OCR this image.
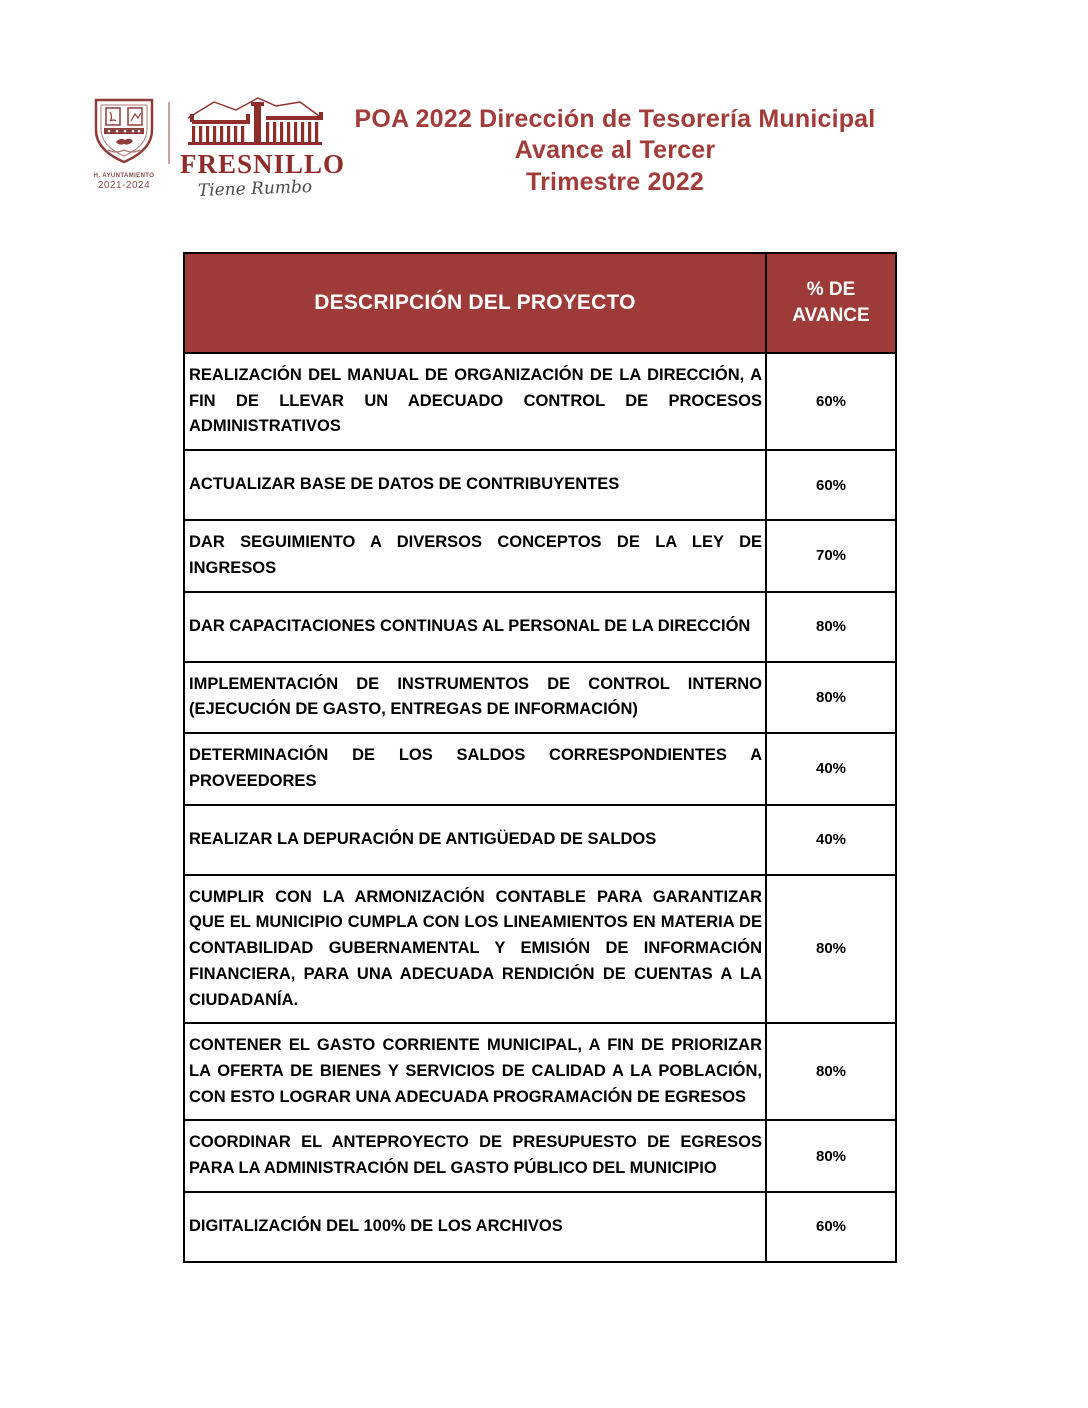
H. AYUNTAMIENTO
2021-2024
FRESNILLO
Tiene Rumbo
POA 2022 Dirección de Tesorería Municipal
Avance al Tercer
Trimestre 2022
DESCRIPCIÓN DEL PROYECTO	% DE AVANCE
REALIZACIÓN DEL MANUAL DE ORGANIZACIÓN DE LA DIRECCIÓN, A FIN DE LLEVAR UN ADECUADO CONTROL DE PROCESOS ADMINISTRATIVOS	60%
ACTUALIZAR BASE DE DATOS DE CONTRIBUYENTES	60%
DAR SEGUIMIENTO A DIVERSOS CONCEPTOS DE LA LEY DE INGRESOS	70%
DAR CAPACITACIONES CONTINUAS AL PERSONAL DE LA DIRECCIÓN	80%
IMPLEMENTACIÓN DE INSTRUMENTOS DE CONTROL INTERNO (EJECUCIÓN DE GASTO, ENTREGAS DE INFORMACIÓN)	80%
DETERMINACIÓN DE LOS SALDOS CORRESPONDIENTES A PROVEEDORES	40%
REALIZAR LA DEPURACIÓN DE ANTIGÜEDAD DE SALDOS	40%
CUMPLIR CON LA ARMONIZACIÓN CONTABLE PARA GARANTIZAR QUE EL MUNICIPIO CUMPLA CON LOS LINEAMIENTOS EN MATERIA DE CONTABILIDAD GUBERNAMENTAL Y EMISIÓN DE INFORMACIÓN FINANCIERA, PARA UNA ADECUADA RENDICIÓN DE CUENTAS A LA CIUDADANÍA.	80%
CONTENER EL GASTO CORRIENTE MUNICIPAL, A FIN DE PRIORIZAR LA OFERTA DE BIENES Y SERVICIOS DE CALIDAD A LA POBLACIÓN, CON ESTO LOGRAR UNA ADECUADA PROGRAMACIÓN DE EGRESOS	80%
COORDINAR EL ANTEPROYECTO DE PRESUPUESTO DE EGRESOS PARA LA ADMINISTRACIÓN DEL GASTO PÚBLICO DEL MUNICIPIO	80%
DIGITALIZACIÓN DEL 100% DE LOS ARCHIVOS	60%
